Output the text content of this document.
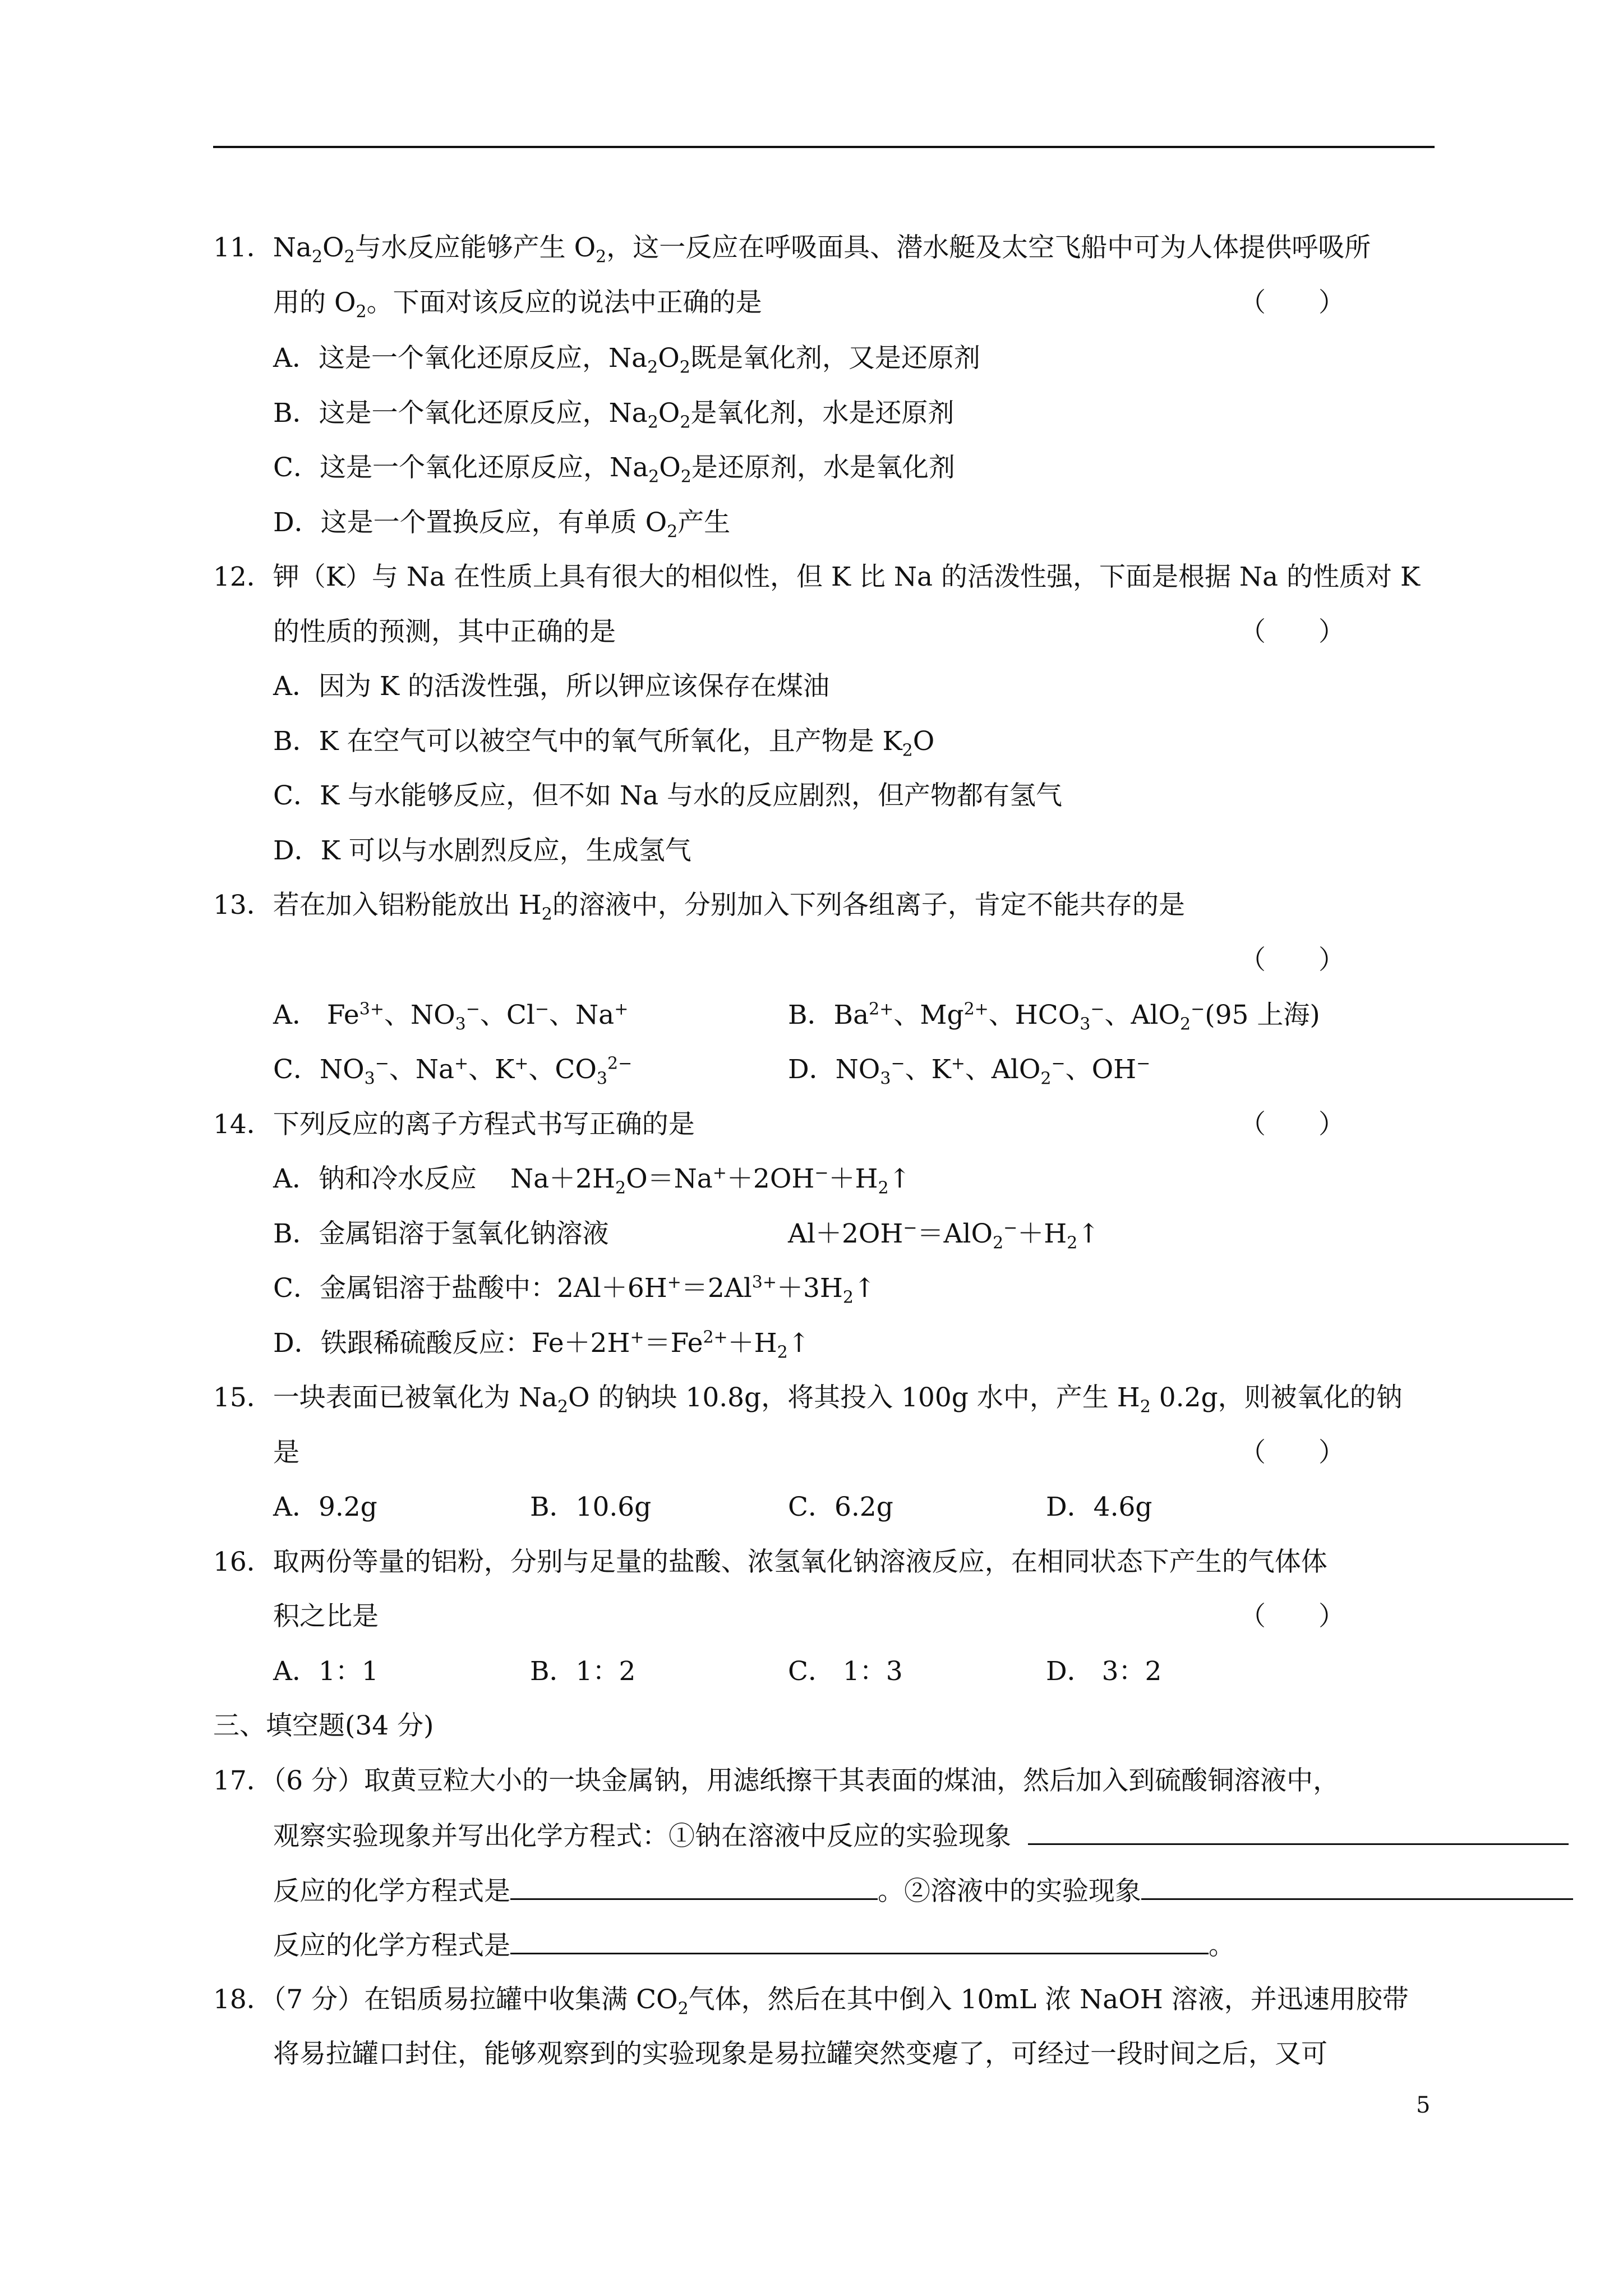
11．$Na_2O_2$与水反应能够产生 $O_2$，这一反应在呼吸面具、潜水艇及太空飞船中可为人体提供呼吸所
用的 $O_2$。下面对该反应的说法中正确的是	（　　）
A．这是一个氧化还原反应，$Na_2O_2$既是氧化剂，又是还原剂
B．这是一个氧化还原反应，$Na_2O_2$是氧化剂，水是还原剂
C．这是一个氧化还原反应，$Na_2O_2$是还原剂，水是氧化剂
D．这是一个置换反应，有单质 $O_2$产生
12．钾（K）与 Na 在性质上具有很大的相似性，但 K 比 Na 的活泼性强，下面是根据 Na 的性质对 K
的性质的预测，其中正确的是	（　　）
A．因为 K 的活泼性强，所以钾应该保存在煤油
B．K 在空气可以被空气中的氧气所氧化，且产物是 $K_2O$
C．K 与水能够反应，但不如 Na 与水的反应剧烈，但产物都有氢气
D．K 可以与水剧烈反应，生成氢气
13．若在加入铝粉能放出 $H_2$的溶液中，分别加入下列各组离子，肯定不能共存的是
（　　）
A． $Fe^{3+}$、$NO_3^-$、Cl−、Na+	B．$Ba^{2+}$、$Mg^{2+}$、$HCO_3^-$、AlO$_2$−(95 上海)
C．$NO_3^-$、Na+、K+、$CO_3^{2-}$	D．$NO_3^-$、K+、AlO$_2$−、OH−
14．下列反应的离子方程式书写正确的是	（　　）
A．钠和冷水反应 $Na+2H_2O=Na^++2OH^-+H_2↑$
B．金属铝溶于氢氧化钠溶液	$Al+2OH^-=AlO_2^-+H_2↑$
C．金属铝溶于盐酸中：$2Al+6H^+=2Al^{3+}+3H_2↑$
D．铁跟稀硫酸反应：$Fe+2H^+=Fe^{2+}+H_2↑$
15．一块表面已被氧化为 $Na_2O$ 的钠块 10.8g，将其投入 100g 水中，产生 $H_2$ 0.2g，则被氧化的钠
是	（　　）
A．9.2g	B．10.6g	C．6.2g	D．4.6g
16．取两份等量的铝粉，分别与足量的盐酸、浓氢氧化钠溶液反应，在相同状态下产生的气体体
积之比是	（　　）
A．1：1	B．1：2	C． 1：3	D． 3：2
三、填空题(34 分)
17．（6 分）取黄豆粒大小的一块金属钠，用滤纸擦干其表面的煤油，然后加入到硫酸铜溶液中，
观察实验现象并写出化学方程式：①钠在溶液中反应的实验现象
反应的化学方程式是	。②溶液中的实验现象
反应的化学方程式是	。
18．（7 分）在铝质易拉罐中收集满 $CO_2$气体，然后在其中倒入 10mL 浓 NaOH 溶液，并迅速用胶带
将易拉罐口封住，能够观察到的实验现象是易拉罐突然变瘪了，可经过一段时间之后，又可
5
